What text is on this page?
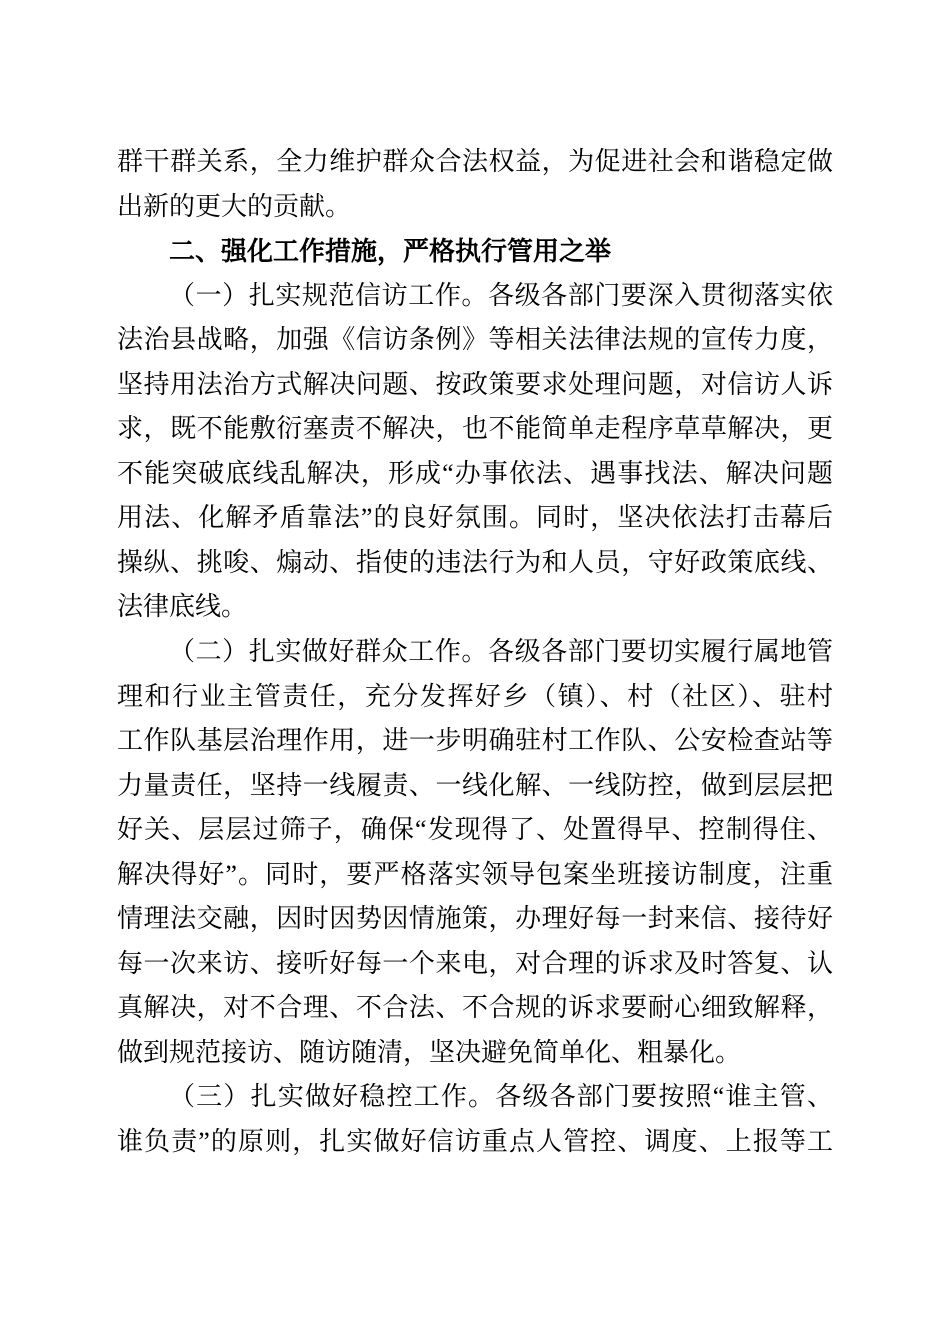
群干群关系，全力维护群众合法权益，为促进社会和谐稳定做
出新的更大的贡献。
二、强化工作措施，严格执行管用之举
（一）扎实规范信访工作。各级各部门要深入贯彻落实依
法治县战略，加强《信访条例》等相关法律法规的宣传力度，
坚持用法治方式解决问题、按政策要求处理问题，对信访人诉
求，既不能敷衍塞责不解决，也不能简单走程序草草解决，更
不能突破底线乱解决，形成“办事依法、遇事找法、解决问题
用法、化解矛盾靠法”的良好氛围。同时，坚决依法打击幕后
操纵、挑唆、煽动、指使的违法行为和人员，守好政策底线、
法律底线。
（二）扎实做好群众工作。各级各部门要切实履行属地管
理和行业主管责任，充分发挥好乡（镇）、村（社区）、驻村
工作队基层治理作用，进一步明确驻村工作队、公安检查站等
力量责任，坚持一线履责、一线化解、一线防控，做到层层把
好关、层层过筛子，确保“发现得了、处置得早、控制得住、
解决得好”。同时，要严格落实领导包案坐班接访制度，注重
情理法交融，因时因势因情施策，办理好每一封来信、接待好
每一次来访、接听好每一个来电，对合理的诉求及时答复、认
真解决，对不合理、不合法、不合规的诉求要耐心细致解释，
做到规范接访、随访随清，坚决避免简单化、粗暴化。
（三）扎实做好稳控工作。各级各部门要按照“谁主管、
谁负责”的原则，扎实做好信访重点人管控、调度、上报等工
